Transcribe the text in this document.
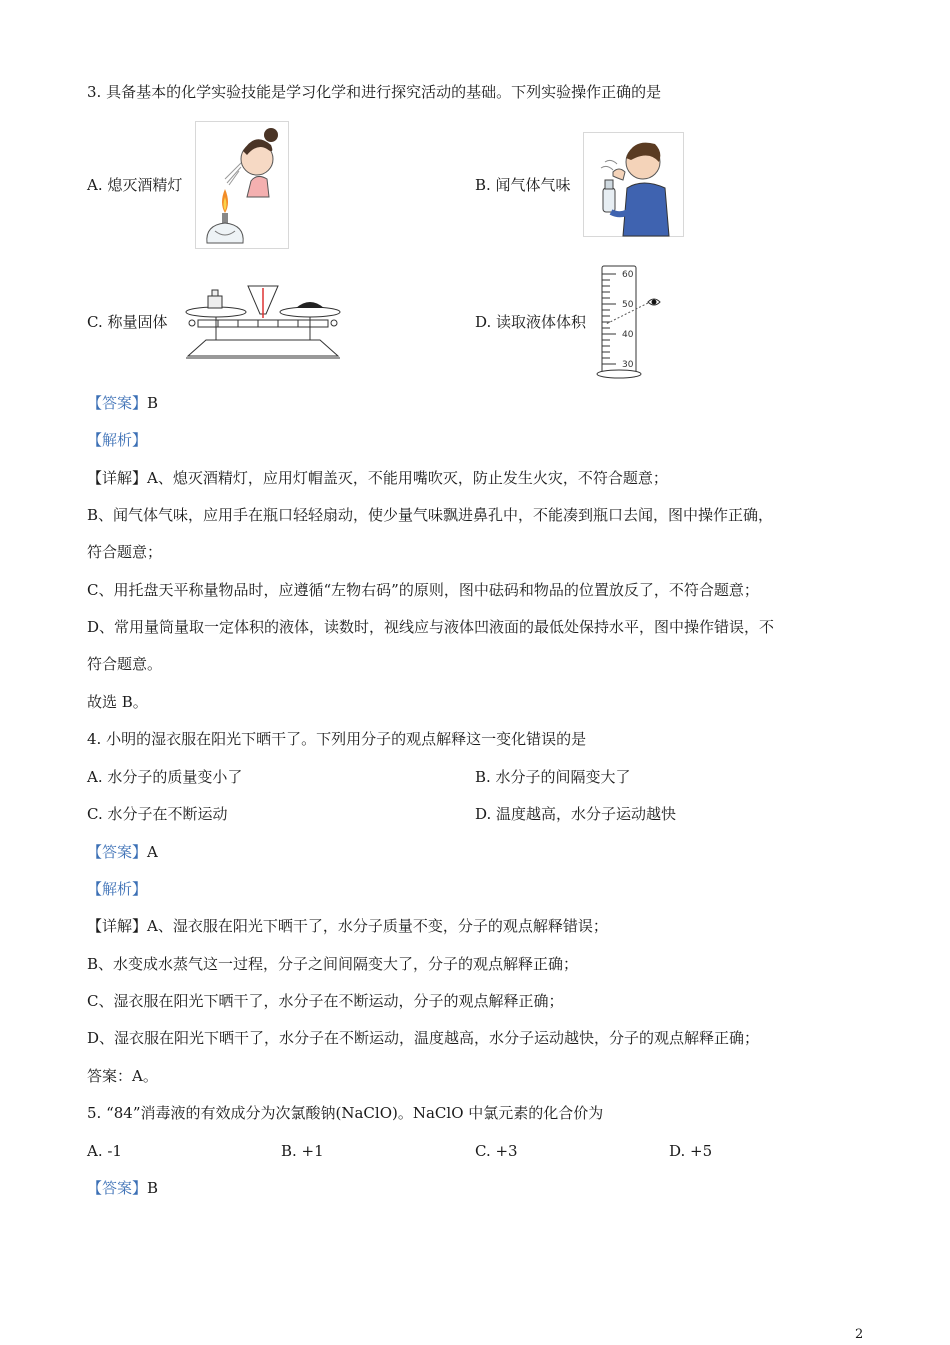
3. 具备基本的化学实验技能是学习化学和进行探究活动的基础。下列实验操作正确的是
A. 熄灭酒精灯	B. 闻气体气味
C. 称量固体	D. 读取液体体积
60
50
40
30
【答案】B
【解析】
【详解】A、熄灭酒精灯，应用灯帽盖灭，不能用嘴吹灭，防止发生火灾，不符合题意；
B、闻气体气味，应用手在瓶口轻轻扇动，使少量气味飘进鼻孔中，不能凑到瓶口去闻，图中操作正确，
符合题意；
C、用托盘天平称量物品时，应遵循“左物右码”的原则，图中砝码和物品的位置放反了，不符合题意；
D、常用量筒量取一定体积的液体，读数时，视线应与液体凹液面的最低处保持水平，图中操作错误，不
符合题意。
故选 B。
4. 小明的湿衣服在阳光下晒干了。下列用分子的观点解释这一变化错误的是
A. 水分子的质量变小了	B. 水分子的间隔变大了
C. 水分子在不断运动	D. 温度越高，水分子运动越快
【答案】A
【解析】
【详解】A、湿衣服在阳光下晒干了，水分子质量不变，分子的观点解释错误；
B、水变成水蒸气这一过程，分子之间间隔变大了，分子的观点解释正确；
C、湿衣服在阳光下晒干了，水分子在不断运动，分子的观点解释正确；
D、湿衣服在阳光下晒干了，水分子在不断运动，温度越高，水分子运动越快，分子的观点解释正确；
答案：A。
5. “84”消毒液的有效成分为次氯酸钠(NaClO)。NaClO 中氯元素的化合价为
A. -1	B. +1	C. +3	D. +5
【答案】B
2
